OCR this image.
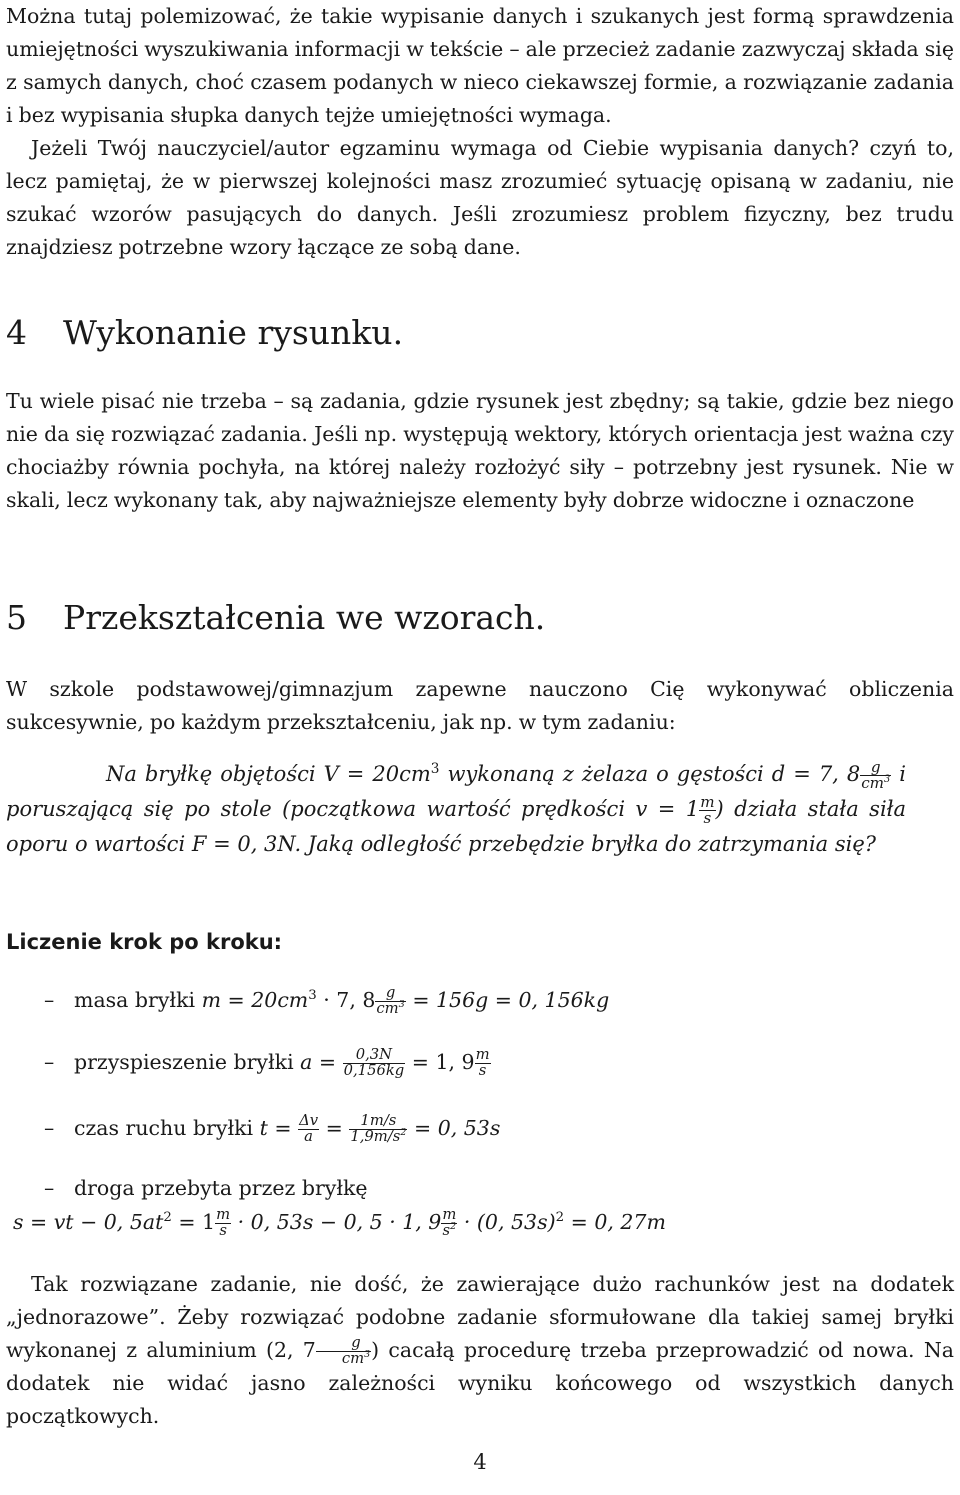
Można tutaj polemizować, że takie wypisanie danych i szukanych jest formą sprawdzenia umiejętności wyszukiwania informacji w tekście – ale przecież zadanie zazwyczaj składa się z samych danych, choć czasem podanych w nieco ciekawszej formie, a rozwiązanie zadania i bez wypisania słupka danych tejże umiejętności wymaga.

Jeżeli Twój nauczyciel/autor egzaminu wymaga od Ciebie wypisania danych? czyń to, lecz pamiętaj, że w pierwszej kolejności masz zrozumieć sytuację opisaną w zadaniu, nie szukać wzorów pasujących do danych. Jeśli zrozumiesz problem fizyczny, bez trudu znajdziesz potrzebne wzory łączące ze sobą dane.

4 Wykonanie rysunku.

Tu wiele pisać nie trzeba – są zadania, gdzie rysunek jest zbędny; są takie, gdzie bez niego nie da się rozwiązać zadania. Jeśli np. występują wektory, których orientacja jest ważna czy chociażby równia pochyła, na której należy rozłożyć siły – potrzebny jest rysunek. Nie w skali, lecz wykonany tak, aby najważniejsze elementy były dobrze widoczne i oznaczone

5 Przekształcenia we wzorach.

W szkole podstawowej/gimnazjum zapewne nauczono Cię wykonywać obliczenia sukcesywnie, po każdym przekształceniu, jak np. w tym zadaniu:

Na bryłkę objętości $V = 20cm^3$ wykonaną z żelaza o gęstości d = 7, $8 \frac{g}{cm^3}$ i poruszającą się po stole (początkowa wartość prędkości $v = 1 \frac{m}{s}$ ) działa stała siła oporu o wartości F = 0, 3N. Jaką odległość przebędzie bryłka do zatrzymania się?

Liczenie krok po kroku:

– masa bryłki $m = 20cm^3 \cdot 7$, $8 \frac{g}{cm^3} = 156g = 0$, 156kg
– przyspieszenie bryłki $a = \frac{0,3N}{0,156kg} = 1$, $9 \frac{m}{s}$
– czas ruchu bryłki $t = \frac{\Delta v}{a} = \frac{1m/s}{1,9m/s^2} = 0$, 53s
– droga przebyta przez bryłkę
s = vt − 0, $5at^2 = 1 \frac{m}{s} \cdot 0$, 53s − 0, 5 · 1, $9 \frac{m}{s^2} \cdot (0$, 53s)$^2$ = 0, 27m

Tak rozwiązane zadanie, nie dość, że zawierające dużo rachunków jest na dodatek „jednorazowe”. Żeby rozwiązać podobne zadanie sformułowane dla takiej samej bryłki wykonanej z aluminium (2, $7 \frac{g}{cm^3}$ ) cacałą procedurę trzeba przeprowadzić od nowa. Na dodatek nie widać jasno zależności wyniku końcowego od wszystkich danych początkowych.

4
